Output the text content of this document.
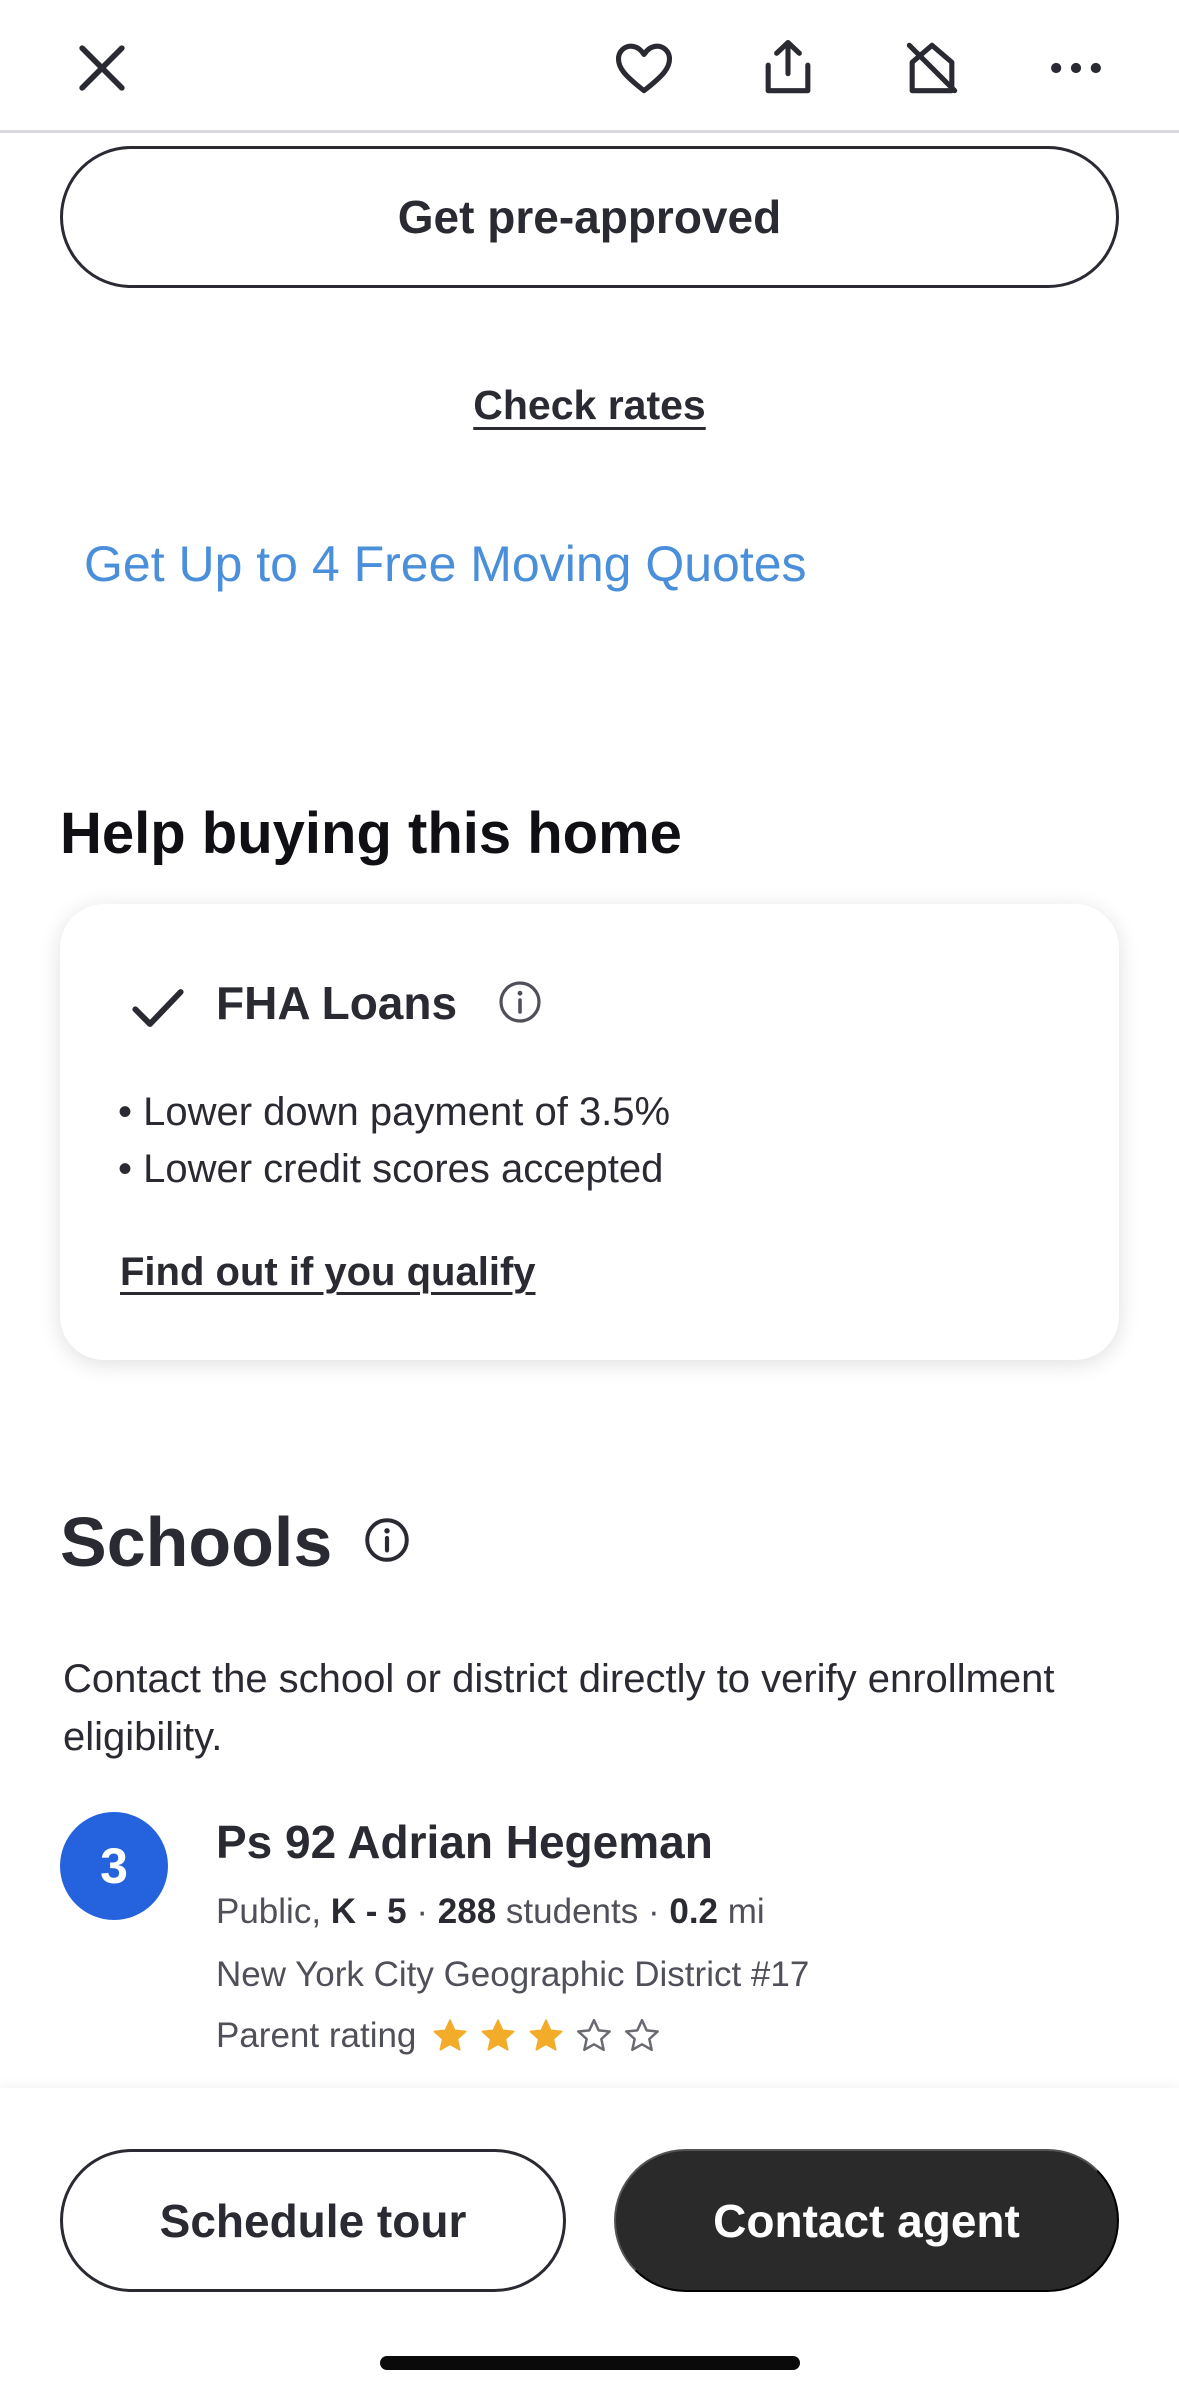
Get pre-approved
Check rates
Get Up to 4 Free Moving Quotes
Help buying this home
FHA Loans
• Lower down payment of 3.5%
• Lower credit scores accepted
Find out if you qualify
Schools
Contact the school or district directly to verify enrollment eligibility.
3	Ps 92 Adrian Hegeman
Public, K - 5 · 288 students · 0.2 mi
New York City Geographic District #17
Parent rating
Schedule tour	Contact agent
